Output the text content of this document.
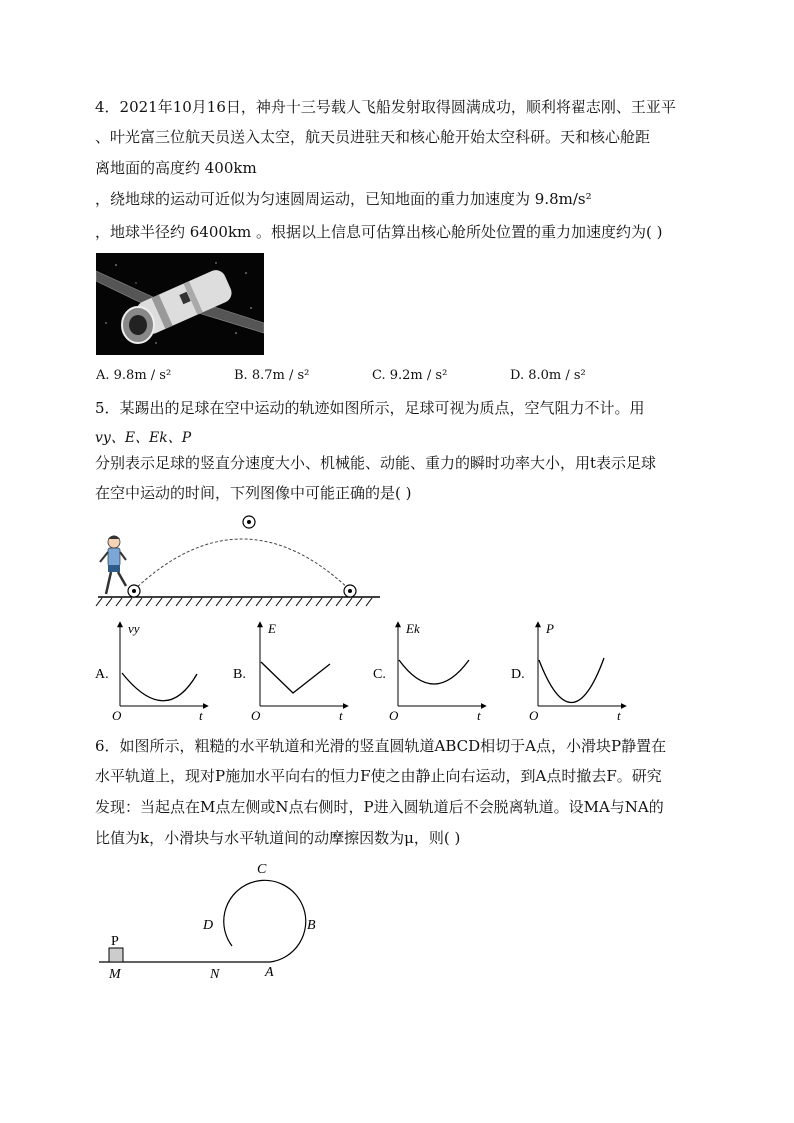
4．2021年10月16日，神舟十三号载人飞船发射取得圆满成功，顺利将翟志刚、王亚平
、叶光富三位航天员送入太空，航天员进驻天和核心舱开始太空科研。天和核心舱距
离地面的高度约 400km
，绕地球的运动可近似为匀速圆周运动，已知地面的重力加速度为 9.8m/s²
，地球半径约 6400km 。根据以上信息可估算出核心舱所处位置的重力加速度约为( )
A. 9.8m / s²	B. 8.7m / s²	C. 9.2m / s²	D. 8.0m / s²
5．某踢出的足球在空中运动的轨迹如图所示，足球可视为质点，空气阻力不计。用
vy、E、Ek、P
分别表示足球的竖直分速度大小、机械能、动能、重力的瞬时功率大小，用t表示足球
在空中运动的时间，下列图像中可能正确的是( )
A.
vy
t
O
B.
E
t
O
C.
Ek
t
O
D.
P
t
O
6．如图所示，粗糙的水平轨道和光滑的竖直圆轨道ABCD相切于A点，小滑块P静置在
水平轨道上，现对P施加水平向右的恒力F使之由静止向右运动，到A点时撤去F。研究
发现：当起点在M点左侧或N点右侧时，P进入圆轨道后不会脱离轨道。设MA与NA的
比值为k，小滑块与水平轨道间的动摩擦因数为μ，则( )
P
M	N	A
B
C
D
